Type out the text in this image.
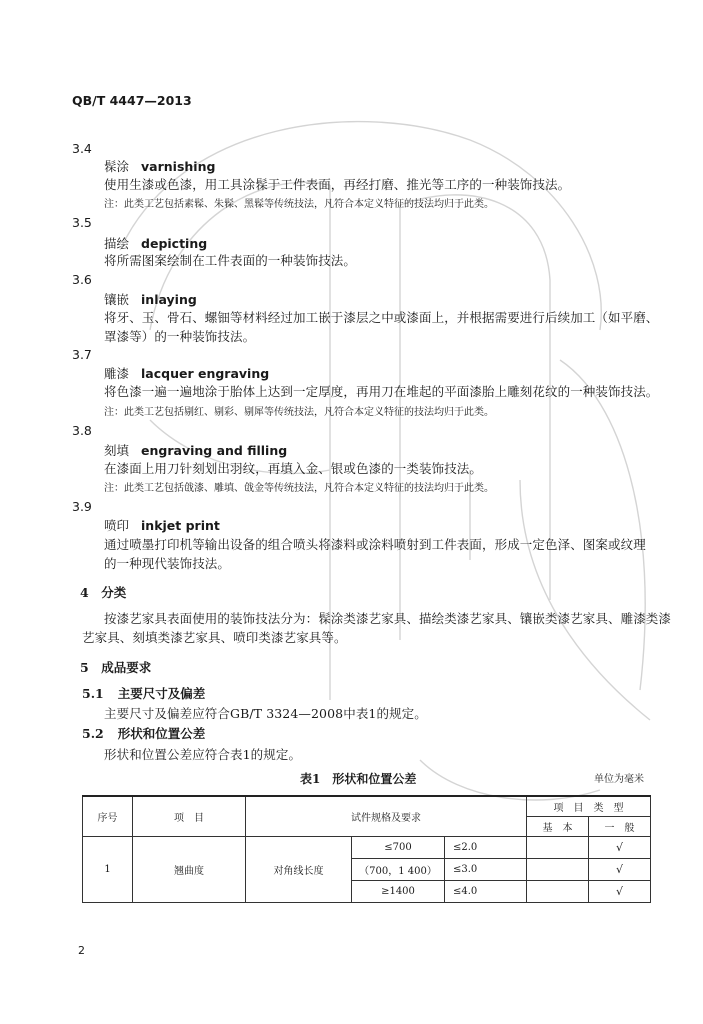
QB/T 4447—2013
3.4
髹涂 varnishing
使用生漆或色漆，用工具涂髹于工件表面，再经打磨、推光等工序的一种装饰技法。
注：此类工艺包括素髹、朱髹、黑髹等传统技法，凡符合本定义特征的技法均归于此类。
3.5
描绘 depicting
将所需图案绘制在工件表面的一种装饰技法。
3.6
镶嵌 inlaying
将牙、玉、骨石、螺钿等材料经过加工嵌于漆层之中或漆面上，并根据需要进行后续加工（如平磨、
罩漆等）的一种装饰技法。
3.7
雕漆 lacquer engraving
将色漆一遍一遍地涂于胎体上达到一定厚度，再用刀在堆起的平面漆胎上雕刻花纹的一种装饰技法。
注：此类工艺包括剔红、剔彩、剔犀等传统技法，凡符合本定义特征的技法均归于此类。
3.8
刻填 engraving and filling
在漆面上用刀针刻划出羽纹，再填入金、银或色漆的一类装饰技法。
注：此类工艺包括戗漆、雕填、戗金等传统技法，凡符合本定义特征的技法均归于此类。
3.9
喷印 inkjet print
通过喷墨打印机等输出设备的组合喷头将漆料或涂料喷射到工件表面，形成一定色泽、图案或纹理
的一种现代装饰技法。
4　分类
按漆艺家具表面使用的装饰技法分为：髹涂类漆艺家具、描绘类漆艺家具、镶嵌类漆艺家具、雕漆类漆
艺家具、刻填类漆艺家具、喷印类漆艺家具等。
5　成品要求
5.1 主要尺寸及偏差
主要尺寸及偏差应符合GB/T 3324—2008中表1的规定。
5.2 形状和位置公差
形状和位置公差应符合表1的规定。
表1　形状和位置公差	单位为毫米
序号	项　目	试件规格及要求			项　目　类　型	
					基　本	一　般
1	翘曲度	对角线长度	≤700	≤2.0		√
			（700，1 400）	≤3.0		√
			≥1400	≤4.0		√
2
